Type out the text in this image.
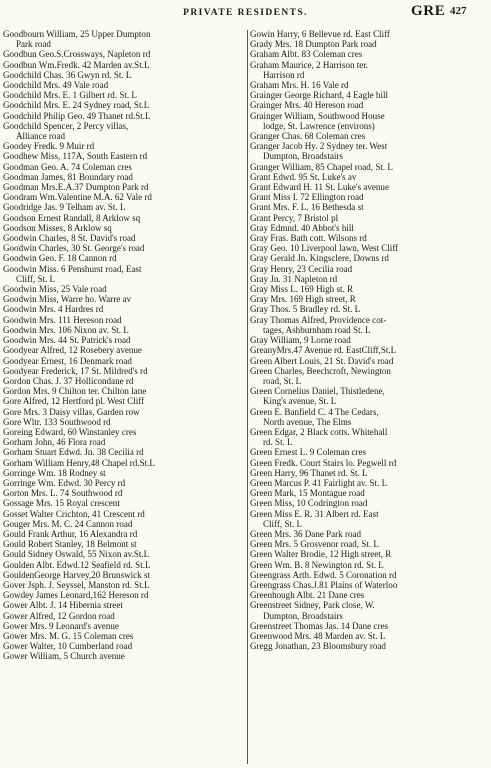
PRIVATE RESIDENTS.	GRE 427

Goodbourn William, 25 Upper Dumpton

Park road

Goodbun Geo.S.Crossways, Napleton rd

Goodbun Wm.Fredk. 42 Marden av.St.L

Goodchild Chas. 36 Gwyn rd. St. L

Goodchild Mrs. 49 Vale road

Goodchild Mrs. E. 1 Gilbert rd. St. L

Goodchild Mrs. E. 24 Sydney road, St.L

Goodchild Philip Geo. 49 Thanet rd.St.L

Goodchild Spencer, 2 Percy villas,

Alliance road

Goodey Fredk. 9 Muir rd

Goodhew Miss, 117A, South Eastern rd

Goodman Geo. A. 74 Coleman cres

Goodman James, 81 Boundary road

Goodman Mrs.E.A.37 Dumpton Park rd

Goodram Wm.Valentine M.A. 62 Vale rd

Goodridge Jas. 9 Telham av. St. L

Goodson Ernest Randall, 8 Arklow sq

Goodson Misses, 8 Arklow sq

Goodwin Charles, 8 St. David's road

Goodwin Charles, 30 St. George's road

Goodwin Geo. F. 18 Cannon rd

Goodwin Miss. 6 Penshurst road, East

Cliff, St. L

Goodwin Miss, 25 Vale road

Goodwin Miss, Warre ho. Warre av

Goodwin Mrs. 4 Hardres rd

Goodwin Mrs. 111 Hereson road

Goodwin Mrs. 106 Nixon av. St. L

Goodwin Mrs. 44 St. Patrick's road

Goodyear Alfred, 12 Rosebery avenue

Goodyear Ernest, 16 Denmark road

Goodyear Frederick, 17 St. Mildred's rd

Gordon Chas. J. 37 Hollicondane rd

Gordon Mrs. 9 Chilton ter. Chilton lane

Gore Alfred, 12 Hertford pl. West Cliff

Gore Mrs. 3 Daisy villas, Garden row

Gore Wltr. 133 Southwood rd

Goreing Edward, 60 Winstanley cres

Gorham John, 46 Flora road

Gorham Stuart Edwd. Jn. 38 Cecilia rd

Gorham William Henry,48 Chapel rd.St.L

Gorringe Wm. 18 Rodney st

Gorringe Wm. Edwd. 30 Percy rd

Gorton Mrs. L. 74 Southwood rd

Gossage Mrs. 15 Royal crescent

Gosset Walter Crichton, 41 Crescent rd

Gouger Mrs. M. C. 24 Cannon road

Gould Frank Arthur, 16 Alexandra rd

Gould Robert Stanley, 18 Belmont st

Gould Sidney Oswald, 55 Nixon av.St.L

Goulden Albt. Edwd.12 Seafield rd. St.L

GouldenGeorge Harvey,20 Brunswick st

Gover Jsph. J. Seyssel, Manston rd. St.L

Gowdey James Leonard,162 Hereson rd

Gower Albt. J. 14 Hibernia street

Gower Alfred, 12 Gordon road

Gower Mrs. 9 Leonard's avenue

Gower Mrs. M. G. 15 Coleman cres

Gower Walter, 10 Cumberland road

Gower William, 5 Church avenue

Gowin Harry, 6 Bellevue rd. East Cliff

Grady Mrs. 18 Dumpton Park road

Graham Albt. 83 Coleman cres

Graham Maurice, 2 Harrison ter.

Harrison rd

Graham Mrs. H. 16 Vale rd

Grainger George Richard, 4 Eagle hill

Grainger Mrs. 40 Hereson road

Grainger William, Southwood House

lodge, St. Lawrence (environs)

Granger Chas. 68 Coleman cres

Granger Jacob Hy. 2 Sydney ter. West

Dumpton, Broadstairs

Granger William, 85 Chapel road, St. L

Grant Edwd. 95 St. Luke's av

Grant Edward H. 11 St. Luke's avenue

Grant Miss I. 72 Ellington road

Grant Mrs. F. L. 16 Bethesda st

Grant Percy, 7 Bristol pl

Gray Edmnd. 40 Abbot's hill

Gray Fras. Bath cott. Wilsons rd

Gray Geo. 10 Liverpool lawn, West Cliff

Gray Gerald Jn. Kingsclere, Downs rd

Gray Henry, 23 Cecilia road

Gray Jn. 31 Napleton rd

Gray Miss L. 169 High st. R

Gray Mrs. 169 High street, R

Gray Thos. 5 Bradley rd. St. L

Gray Thomas Alfred, Providence cot-

tages, Ashburnham road St. L

Gray William, 9 Lorne road

GreanyMrs.47 Avenue rd. EastCliff,St.L

Green Albert Louis, 21 St. David's road

Green Charles, Beechcroft, Newington

road, St. L

Green Cornelius Daniel, Thistledene,

King's avenue, St. L

Green E. Banfield C. 4 The Cedars,

North avenue, The Elms

Green Edgar, 2 Black cotts. Whitehall

rd. St. L

Green Ernest L. 9 Coleman cres

Green Fredk. Court Stairs lo. Pegwell rd

Green Harry, 96 Thanet rd. St. L

Green Marcus P. 41 Fairlight av. St. L

Green Mark, 15 Montague road

Green Miss, 10 Codrington road

Green Miss E. R. 31 Albert rd. East

Cliff, St. L

Green Mrs. 36 Dane Park road

Green Mrs. 5 Grosvenor road, St. L

Green Walter Brodie, 12 High street, R

Green Wm. B. 8 Newington rd. St. L

Greengrass Arth. Edwd. 5 Coronation rd

Greengrass Chas.J.81 Plains of Waterloo

Greenhough Albt. 21 Dane cres

Greenstreet Sidney, Park close, W.

Dumpton, Broadstairs

Greenstreet Thomas Jas. 14 Dane cres

Greenwood Mrs. 48 Marden av. St. L

Gregg Jonathan, 23 Bloomsbury road
